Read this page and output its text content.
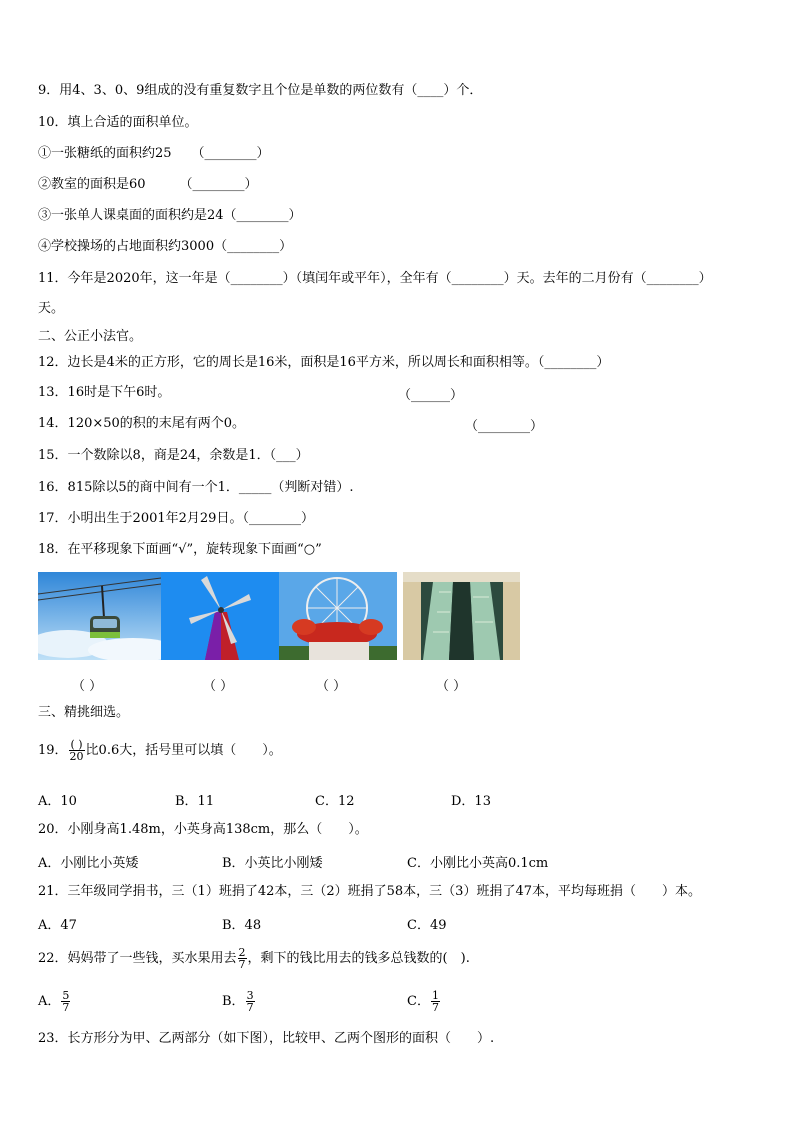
9．用4、3、0、9组成的没有重复数字且个位是单数的两位数有（____）个．
10．填上合适的面积单位。
①一张糖纸的面积约25 （________）
②教室的面积是60	（________）
③一张单人课桌面的面积约是24（________）
④学校操场的占地面积约3000（________）
11．今年是2020年，这一年是（________）（填闰年或平年），全年有（________）天。去年的二月份有（________）
天。
二、公正小法官。
12．边长是4米的正方形，它的周长是16米，面积是16平方米，所以周长和面积相等。（________）
13．16时是下午6时。	（______）
14．120×50的积的末尾有两个0。	（________）
15．一个数除以8，商是24，余数是1．（___）
16．815除以5的商中间有一个1．_____（判断对错）.
17．小明出生于2001年2月29日。（________）
18．在平移现象下面画“√”，旋转现象下面画“○”
（ ）	（ ）	（ ）	（ ）
三、精挑细选。
19． $\frac{( )}{20}$ 比0.6大，括号里可以填（　　）。
A．10	B．11	C．12	D．13
20．小刚身高1.48m，小英身高138cm，那么（　　）。
A．小刚比小英矮	B．小英比小刚矮	C．小刚比小英高0.1cm
21．三年级同学捐书，三（1）班捐了42本，三（2）班捐了58本，三（3）班捐了47本，平均每班捐（　　）本。
A．47	B．48	C．49
22．妈妈带了一些钱，买水果用去 $\frac{2}{7}$ ，剩下的钱比用去的钱多总钱数的(　).
A． $\frac{5}{7}$	B． $\frac{3}{7}$	C． $\frac{1}{7}$
23．长方形分为甲、乙两部分（如下图），比较甲、乙两个图形的面积（　　）.
